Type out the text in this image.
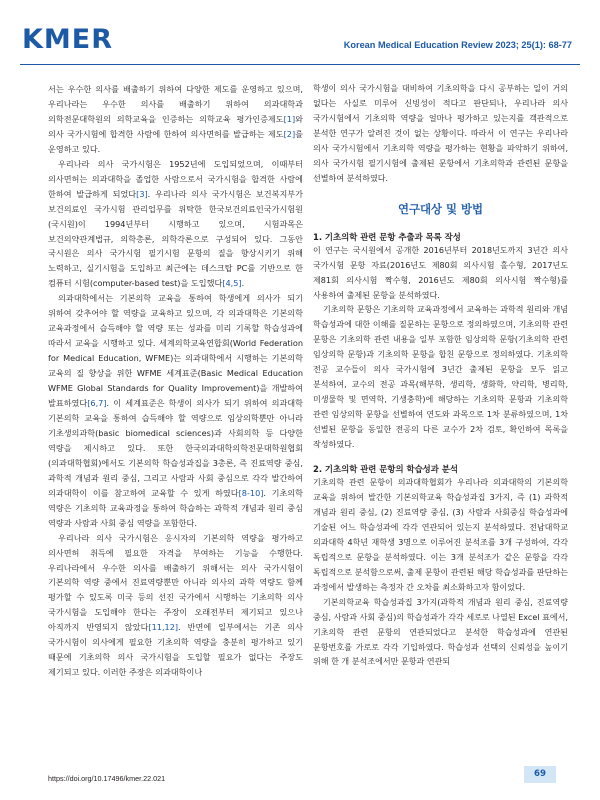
KMER	Korean Medical Education Review 2023; 25(1): 68-77

서는 우수한 의사를 배출하기 위하여 다양한 제도를 운영하고 있으며, 우리나라는 우수한 의사를 배출하기 위하여 의과대학과 의학전문대학원의 의학교육을 인증하는 의학교육 평가인증제도[1]와 의사 국가시험에 합격한 사람에 한하여 의사면허를 발급하는 제도[2]를 운영하고 있다.

우리나라 의사 국가시험은 1952년에 도입되었으며, 이때부터 의사면허는 의과대학을 졸업한 사람으로서 국가시험을 합격한 사람에 한하여 발급하게 되었다[3]. 우리나라 의사 국가시험은 보건복지부가 보건의료인 국가시험 관리업무를 위탁한 한국보건의료인국가시험원(국시원)이 1994년부터 시행하고 있으며, 시험과목은 보건의약관계법규, 의학총론, 의학각론으로 구성되어 있다. 그동안 국시원은 의사 국가시험 필기시험 문항의 질을 향상시키기 위해 노력하고, 실기시험을 도입하고 최근에는 데스크탑 PC를 기반으로 한 컴퓨터 시험(computer-based test)을 도입했다[4,5].

의과대학에서는 기본의학 교육을 통하여 학생에게 의사가 되기 위하여 갖추어야 할 역량을 교육하고 있으며, 각 의과대학은 기본의학 교육과정에서 습득해야 할 역량 또는 성과를 미리 기록할 학습성과에 따라서 교육을 시행하고 있다. 세계의학교육연합회(World Federation for Medical Education, WFME)는 의과대학에서 시행하는 기본의학 교육의 질 향상을 위한 WFME 세계표준(Basic Medical Education WFME Global Standards for Quality Improvement)을 개발하여 발표하였다[6,7]. 이 세계표준은 학생이 의사가 되기 위하여 의과대학 기본의학 교육을 통하여 습득해야 할 역량으로 임상의학뿐만 아니라 기초생의과학(basic biomedical sciences)과 사회의학 등 다양한 역량을 제시하고 있다. 또한 한국의과대학의학전문대학원협회(의과대학협회)에서도 기본의학 학습성과집을 3총론, 즉 진료역량 중심, 과학적 개념과 원리 중심, 그리고 사람과 사회 중심으로 각각 발간하여 의과대학이 이를 참고하여 교육할 수 있게 하였다[8-10]. 기초의학 역량은 기초의학 교육과정을 통하여 학습하는 과학적 개념과 원리 중심 역량과 사람과 사회 중심 역량을 포함한다.

우리나라 의사 국가시험은 응시자의 기본의학 역량을 평가하고 의사면허 취득에 필요한 자격을 부여하는 기능을 수행한다. 우리나라에서 우수한 의사를 배출하기 위해서는 의사 국가시험이 기본의학 역량 중에서 진료역량뿐만 아니라 의사의 과학 역량도 함께 평가할 수 있도록 미국 등의 선진 국가에서 시행하는 기초의학 의사 국가시험을 도입해야 한다는 주장이 오래전부터 제기되고 있으나 아직까지 반영되지 않았다[11,12]. 반면에 일부에서는 기존 의사 국가시험이 의사에게 필요한 기초의학 역량을 충분히 평가하고 있기 때문에 기초의학 의사 국가시험을 도입할 필요가 없다는 주장도 제기되고 있다. 이러한 주장은 의과대학이나

학생이 의사 국가시험을 대비하여 기초의학을 다시 공부하는 일이 거의 없다는 사실로 미루어 신빙성이 적다고 판단되나, 우리나라 의사 국가시험에서 기초의학 역량을 얼마나 평가하고 있는지를 객관적으로 분석한 연구가 알려진 것이 없는 상황이다. 따라서 이 연구는 우리나라 의사 국가시험에서 기초의학 역량을 평가하는 현황을 파악하기 위하여, 의사 국가시험 필기시험에 출제된 문항에서 기초의학과 관련된 문항을 선별하여 분석하였다.

연구대상 및 방법
1. 기초의학 관련 문항 추출과 목록 작성

이 연구는 국시원에서 공개한 2016년부터 2018년도까지 3년간 의사 국가시험 문항 자료(2016년도 제80회 의사시험 홀수형, 2017년도 제81회 의사시험 짝수형, 2016년도 제80회 의사시험 짝수형)를 사용하여 출제된 문항을 분석하였다.

기초의학 문항은 기초의학 교육과정에서 교육하는 과학적 원리와 개념 학습성과에 대한 이해를 질문하는 문항으로 정의하였으며, 기초의학 관련 문항은 기초의학 관련 내용을 일부 포함한 임상의학 문항(기초의학 관련 임상의학 문항)과 기초의학 문항을 합친 문항으로 정의하였다. 기초의학 전공 교수들이 의사 국가시험에 3년간 출제된 문항을 모두 읽고 분석하여, 교수의 전공 과목(해부학, 생리학, 생화학, 약리학, 병리학, 미생물학 및 면역학, 기생충학)에 해당하는 기초의학 문항과 기초의학 관련 임상의학 문항을 선별하여 연도와 과목으로 1차 분류하였으며, 1차 선별된 문항을 동일한 전공의 다른 교수가 2차 검토, 확인하여 목록을 작성하였다.

2. 기초의학 관련 문항의 학습성과 분석

기초의학 관련 문항이 의과대학협회가 우리나라 의과대학의 기본의학 교육을 위하여 발간한 기본의학교육 학습성과집 3가지, 즉 (1) 과학적 개념과 원리 중심, (2) 진료역량 중심, (3) 사람과 사회중심 학습성과에 기술된 어느 학습성과에 각각 연관되어 있는지 분석하였다. 전남대학교 의과대학 4학년 재학생 3명으로 이루어진 분석조를 3개 구성하여, 각각 독립적으로 문항을 분석하였다. 이는 3개 분석조가 같은 문항을 각각 독립적으로 분석함으로써, 출제 문항이 관련된 해당 학습성과를 판단하는 과정에서 발생하는 측정자 간 오차를 최소화하고자 함이었다.

기본의학교육 학습성과집 3가지(과학적 개념과 원리 중심, 진료역량 중심, 사람과 사회 중심)의 학습성과가 각각 세로로 나열된 Excel 표에서, 기초의학 관련 문항의 연관되었다고 분석한 학습성과에 연관된 문항번호를 가로로 각각 기입하였다. 학습성과 선택의 신뢰성을 높이기 위해 한 개 분석조에서만 문항과 연관되

https://doi.org/10.17496/kmer.22.021	69
